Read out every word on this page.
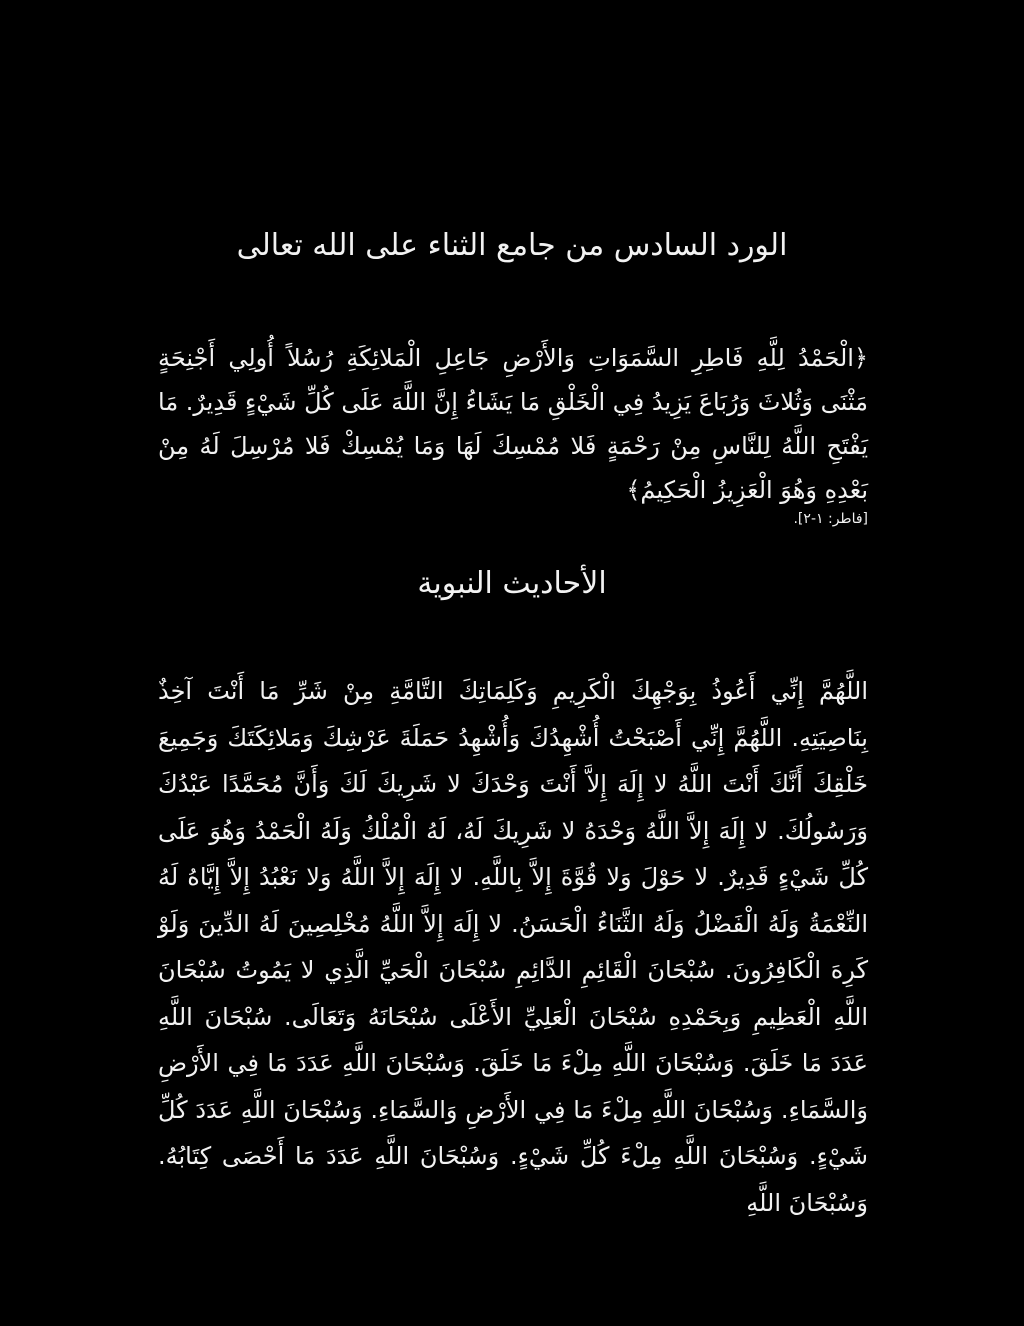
الورد السادس من جامع الثناء على الله تعالى

﴿الْحَمْدُ لِلَّهِ فَاطِرِ السَّمَوَاتِ وَالأَرْضِ جَاعِلِ الْمَلائِكَةِ رُسُلاً أُولِي أَجْنِحَةٍ مَثْنَى وَثُلاثَ وَرُبَاعَ يَزِيدُ فِي الْخَلْقِ مَا يَشَاءُ إِنَّ اللَّهَ عَلَى كُلِّ شَيْءٍ قَدِيرٌ. مَا يَفْتَحِ اللَّهُ لِلنَّاسِ مِنْ رَحْمَةٍ فَلا مُمْسِكَ لَهَا وَمَا يُمْسِكْ فَلا مُرْسِلَ لَهُ مِنْ بَعْدِهِ وَهُوَ الْعَزِيزُ الْحَكِيمُ﴾

[فاطر: ١-٢].

الأحاديث النبوية

اللَّهُمَّ إِنِّي أَعُوذُ بِوَجْهِكَ الْكَرِيمِ وَكَلِمَاتِكَ التَّامَّةِ مِنْ شَرِّ مَا أَنْتَ آخِذٌ بِنَاصِيَتِهِ. اللَّهُمَّ إِنِّي أَصْبَحْتُ أُشْهِدُكَ وَأُشْهِدُ حَمَلَةَ عَرْشِكَ وَمَلائِكَتَكَ وَجَمِيعَ خَلْقِكَ أَنَّكَ أَنْتَ اللَّهُ لا إِلَهَ إِلاَّ أَنْتَ وَحْدَكَ لا شَرِيكَ لَكَ وَأَنَّ مُحَمَّدًا عَبْدُكَ وَرَسُولُكَ. لا إِلَهَ إِلاَّ اللَّهُ وَحْدَهُ لا شَرِيكَ لَهُ، لَهُ الْمُلْكُ وَلَهُ الْحَمْدُ وَهُوَ عَلَى كُلِّ شَيْءٍ قَدِيرٌ. لا حَوْلَ وَلا قُوَّةَ إِلاَّ بِاللَّهِ. لا إِلَهَ إِلاَّ اللَّهُ وَلا نَعْبُدُ إِلاَّ إِيَّاهُ لَهُ النِّعْمَةُ وَلَهُ الْفَضْلُ وَلَهُ الثَّنَاءُ الْحَسَنُ. لا إِلَهَ إِلاَّ اللَّهُ مُخْلِصِينَ لَهُ الدِّينَ وَلَوْ كَرِهَ الْكَافِرُونَ. سُبْحَانَ الْقَائِمِ الدَّائِمِ سُبْحَانَ الْحَيِّ الَّذِي لا يَمُوتُ سُبْحَانَ اللَّهِ الْعَظِيمِ وَبِحَمْدِهِ سُبْحَانَ الْعَلِيِّ الأَعْلَى سُبْحَانَهُ وَتَعَالَى. سُبْحَانَ اللَّهِ عَدَدَ مَا خَلَقَ. وَسُبْحَانَ اللَّهِ مِلْءَ مَا خَلَقَ. وَسُبْحَانَ اللَّهِ عَدَدَ مَا فِي الأَرْضِ وَالسَّمَاءِ. وَسُبْحَانَ اللَّهِ مِلْءَ مَا فِي الأَرْضِ وَالسَّمَاءِ. وَسُبْحَانَ اللَّهِ عَدَدَ كُلِّ شَيْءٍ. وَسُبْحَانَ اللَّهِ مِلْءَ كُلِّ شَيْءٍ. وَسُبْحَانَ اللَّهِ عَدَدَ مَا أَحْصَى كِتَابُهُ. وَسُبْحَانَ اللَّهِ
